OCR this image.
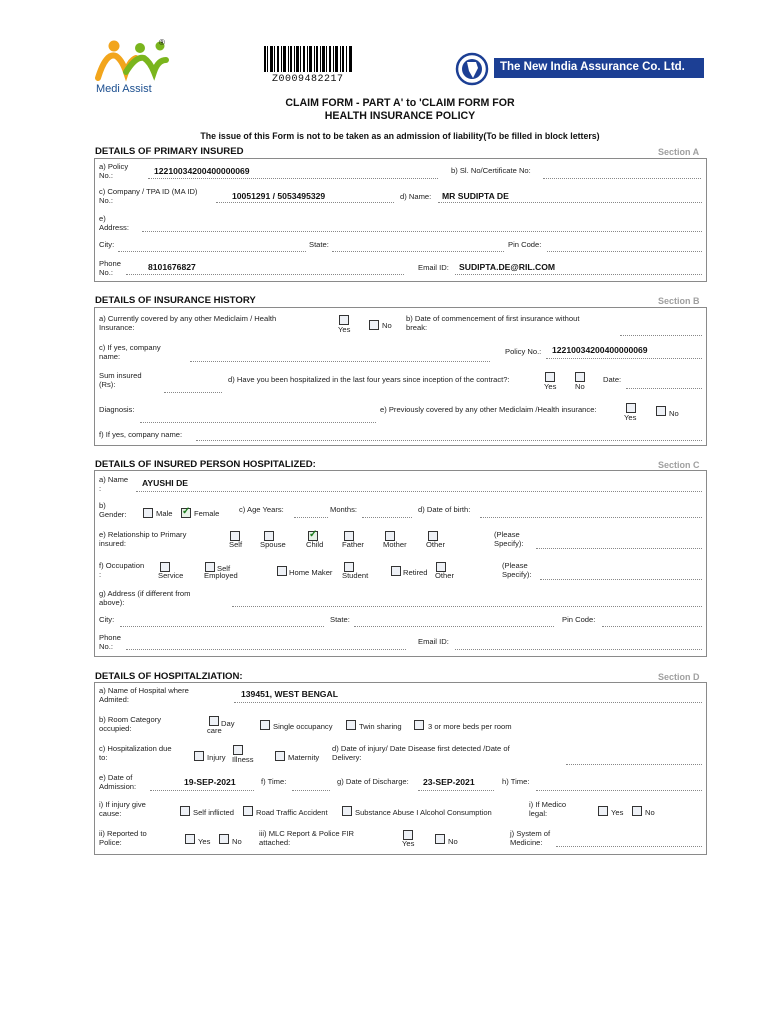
®
Medi Assist
Z0009482217
The New India Assurance Co. Ltd.
CLAIM FORM - PART A' to 'CLAIM FORM FOR
HEALTH INSURANCE POLICY
The issue of this Form is not to be taken as an admission of liability(To be filled in block letters)
DETAILS OF PRIMARY INSURED	Section A
a) Policy
No.:	12210034200400000069	b) Sl. No/Certificate No:
c) Company / TPA ID (MA ID)
No.:	10051291 / 5053495329	d) Name: MR SUDIPTA DE
e)
Address:
City:	State:	Pin Code:
Phone
No.:	8101676827	Email ID: SUDIPTA.DE@RIL.COM
DETAILS OF INSURANCE HISTORY	Section B
a) Currently covered by any other Mediclaim / Health
Insurance:	Yes	No
b) Date of commencement of first insurance without
break:
c) If yes, company
name:	Policy No.: 12210034200400000069
Sum insured
(Rs):	d) Have you been hospitalized in the last four years since inception of the contract?:
Yes No
Date:
Diagnosis:	e) Previously covered by any other Mediclaim /Health insurance:
Yes	No
f) If yes, company name:
DETAILS OF INSURED PERSON HOSPITALIZED:	Section C
a) Name
:	AYUSHI DE
b)
Gender:	Male
✓	Female	c) Age Years:	Months:	d) Date of birth:
e) Relationship to Primary
insured:	Self Spouse
✓	Child Father	Mother	Other
(Please
Specify):
f) Occupation
:	Service
Self
Employed	Home Maker Student	Retired Other
(Please
Specify):
g) Address (if different from
above):
City:	State:	Pin Code:
Phone
No.:	Email ID:
DETAILS OF HOSPITALZIATION:	Section D
a) Name of Hospital where
Admited:	139451, WEST BENGAL
b) Room Category
occupied:	Day
care	Single occupancy	Twin sharing	3 or more beds per room
c) Hospitalization due
to:	Injury Illness	Maternity
d) Date of injury/ Date Disease first detected /Date of
Delivery:
e) Date of
Admission:	19-SEP-2021	f) Time:	g) Date of Discharge: 23-SEP-2021	h) Time:
i) If injury give
cause:	Self inflicted	Road Traffic Accident	Substance Abuse I Alcohol Consumption
i) If Medico
legal:	Yes	No
ii) Reported to
Police:	Yes	No
iii) MLC Report & Police FIR
attached:	Yes	No
j) System of
Medicine:
